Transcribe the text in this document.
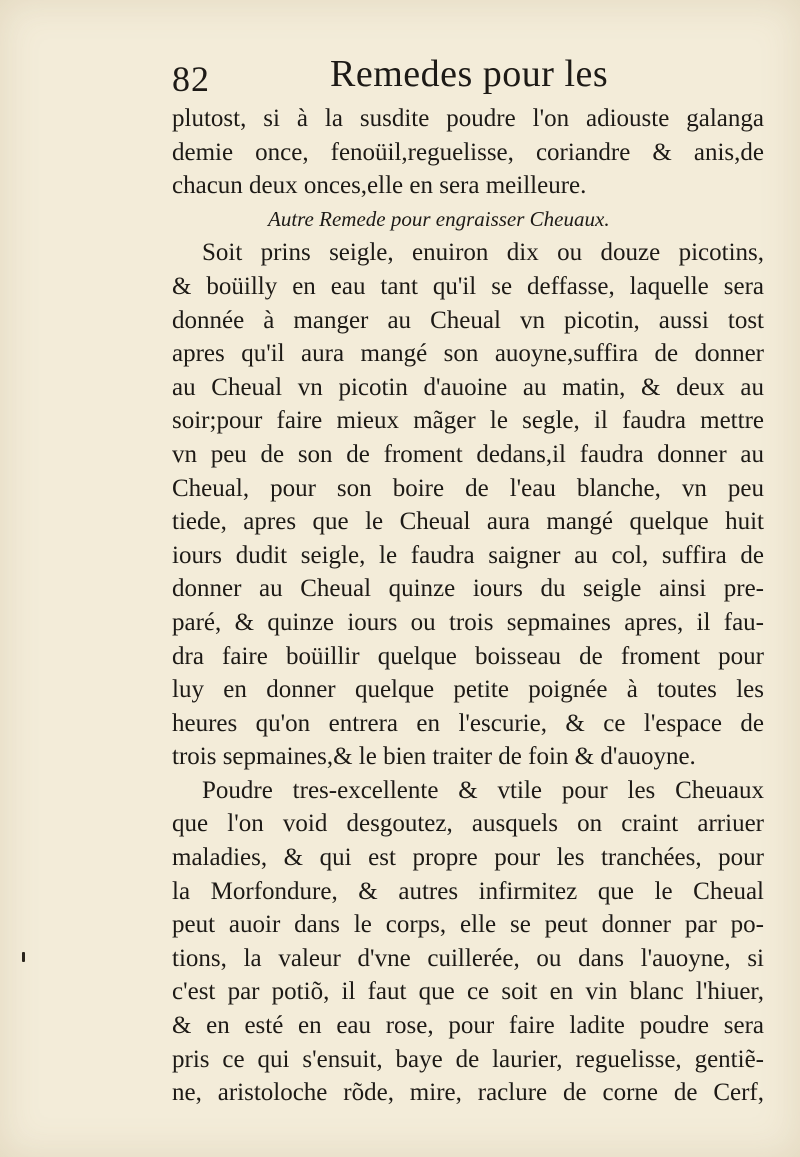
82	Remedes pour les
plutost, si à la susdite poudre l'on adiouste galanga
demie once, fenoüil,reguelisse, coriandre & anis,de
chacun deux onces,elle en sera meilleure.
Autre Remede pour engraisser Cheuaux.
Soit prins seigle, enuiron dix ou douze picotins,
& boüilly en eau tant qu'il se deffasse, laquelle sera
donnée à manger au Cheual vn picotin, aussi tost
apres qu'il aura mangé son auoyne,suffira de donner
au Cheual vn picotin d'auoine au matin, & deux au
soir;pour faire mieux mãger le segle, il faudra mettre
vn peu de son de froment dedans,il faudra donner au
Cheual, pour son boire de l'eau blanche, vn peu
tiede, apres que le Cheual aura mangé quelque huit
iours dudit seigle, le faudra saigner au col, suffira de
donner au Cheual quinze iours du seigle ainsi pre-
paré, & quinze iours ou trois sepmaines apres, il fau-
dra faire boüillir quelque boisseau de froment pour
luy en donner quelque petite poignée à toutes les
heures qu'on entrera en l'escurie, & ce l'espace de
trois sepmaines,& le bien traiter de foin & d'auoyne.
Poudre tres-excellente & vtile pour les Cheuaux
que l'on void desgoutez, ausquels on craint arriuer
maladies, & qui est propre pour les tranchées, pour
la Morfondure, & autres infirmitez que le Cheual
peut auoir dans le corps, elle se peut donner par po-
tions, la valeur d'vne cuillerée, ou dans l'auoyne, si
c'est par potiõ, il faut que ce soit en vin blanc l'hiuer,
& en esté en eau rose, pour faire ladite poudre sera
pris ce qui s'ensuit, baye de laurier, reguelisse, gentiẽ-
ne, aristoloche rõde, mire, raclure de corne de Cerf,
